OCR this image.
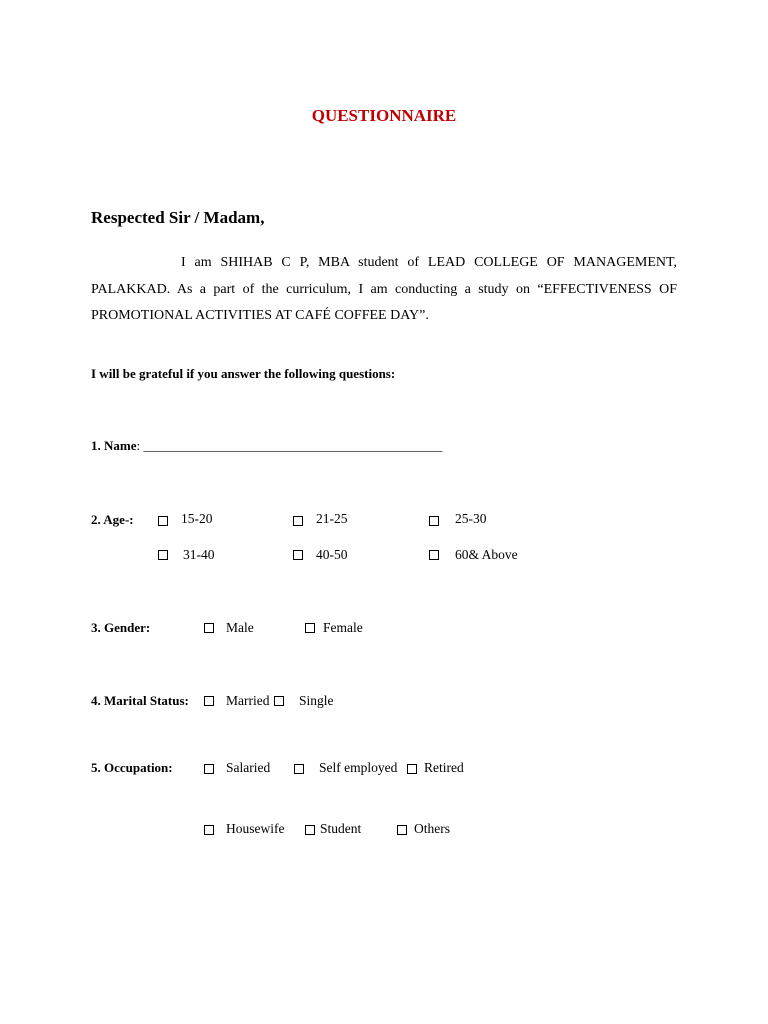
QUESTIONNAIRE
Respected Sir / Madam,
I am SHIHAB C P, MBA student of LEAD COLLEGE OF MANAGEMENT,
PALAKKAD. As a part of the curriculum, I am conducting a study on “EFFECTIVENESS OF
PROMOTIONAL ACTIVITIES AT CAFÉ COFFEE DAY”.
I will be grateful if you answer the following questions:
1. Name: ______________________________________________
2. Age-:	15-20	21-25	25-30
31-40	40-50	60& Above
3. Gender:	Male	Female
4. Marital Status:	Married Single
5. Occupation:	Salaried	Self employed Retired
Housewife	Student	Others
